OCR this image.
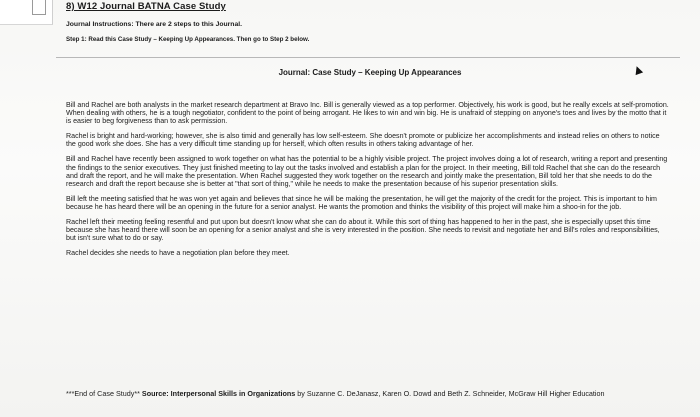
8) W12 Journal BATNA Case Study

Journal Instructions: There are 2 steps to this Journal.

Step 1: Read this Case Study – Keeping Up Appearances. Then go to Step 2 below.

Journal: Case Study – Keeping Up Appearances

Bill and Rachel are both analysts in the market research department at Bravo Inc. Bill is generally viewed as a top performer. Objectively, his work is good, but he really excels at self-promotion. When dealing with others, he is a tough negotiator, confident to the point of being arrogant. He likes to win and win big. He is unafraid of stepping on anyone's toes and lives by the motto that it is easier to beg forgiveness than to ask permission.

Rachel is bright and hard-working; however, she is also timid and generally has low self-esteem. She doesn't promote or publicize her accomplishments and instead relies on others to notice the good work she does. She has a very difficult time standing up for herself, which often results in others taking advantage of her.

Bill and Rachel have recently been assigned to work together on what has the potential to be a highly visible project. The project involves doing a lot of research, writing a report and presenting the findings to the senior executives. They just finished meeting to lay out the tasks involved and establish a plan for the project. In their meeting, Bill told Rachel that she can do the research and draft the report, and he will make the presentation. When Rachel suggested they work together on the research and jointly make the presentation, Bill told her that she needs to do the research and draft the report because she is better at "that sort of thing," while he needs to make the presentation because of his superior presentation skills.

Bill left the meeting satisfied that he was won yet again and believes that since he will be making the presentation, he will get the majority of the credit for the project. This is important to him because he has heard there will be an opening in the future for a senior analyst. He wants the promotion and thinks the visibility of this project will make him a shoo-in for the job.

Rachel left their meeting feeling resentful and put upon but doesn't know what she can do about it. While this sort of thing has happened to her in the past, she is especially upset this time because she has heard there will soon be an opening for a senior analyst and she is very interested in the position. She needs to revisit and negotiate her and Bill's roles and responsibilities, but isn't sure what to do or say.

Rachel decides she needs to have a negotiation plan before they meet.

***End of Case Study** Source: Interpersonal Skills in Organizations by Suzanne C. DeJanasz, Karen O. Dowd and Beth Z. Schneider, McGraw Hill Higher Education
